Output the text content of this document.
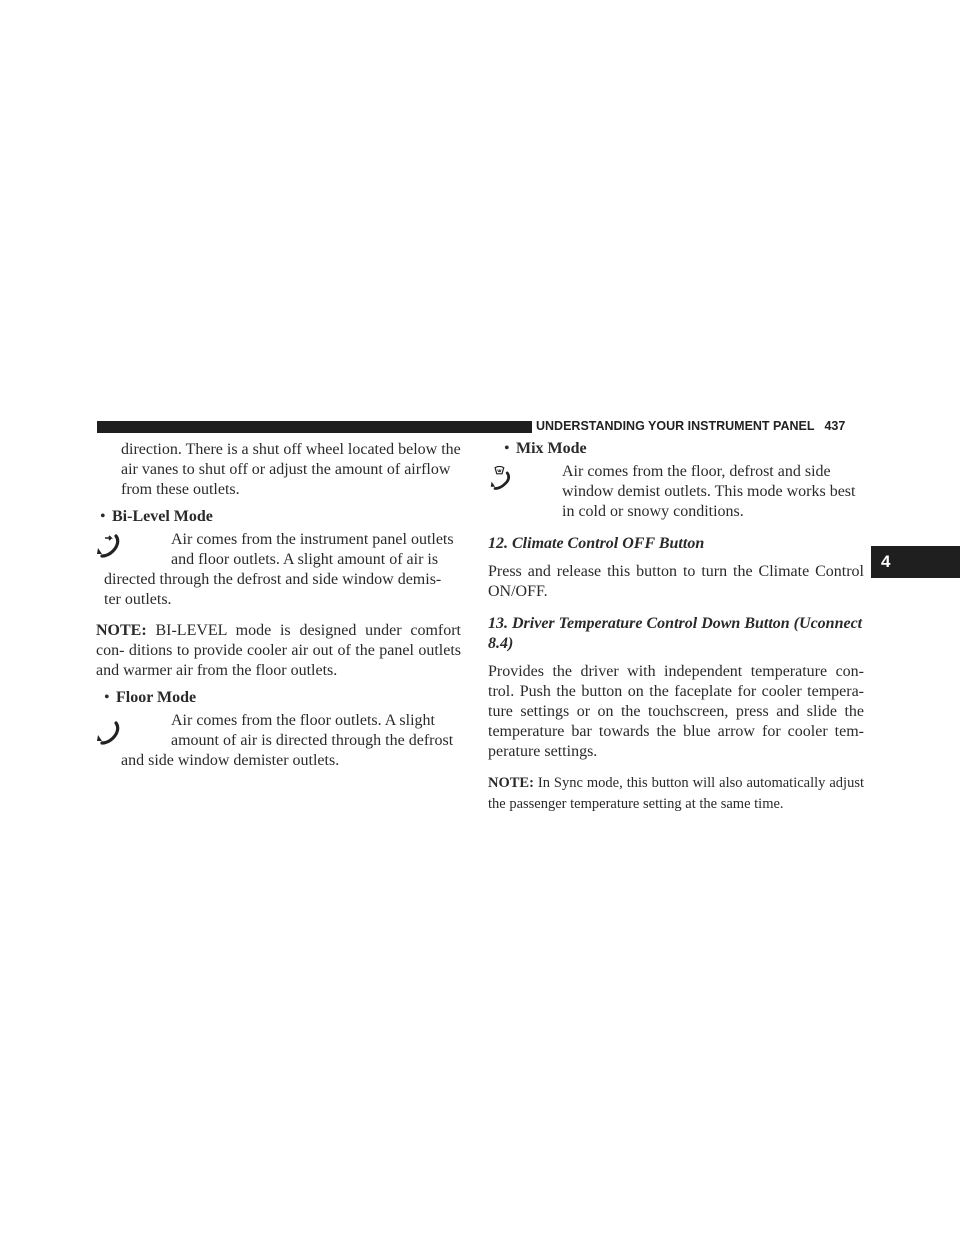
UNDERSTANDING YOUR INSTRUMENT PANEL 437
4

direction. There is a shut off wheel located below the

air vanes to shut off or adjust the amount of airflow

from these outlets.

• Bi-Level Mode

Air comes from the instrument panel outlets

and floor outlets. A slight amount of air is

directed through the defrost and side window demis-

ter outlets.

NOTE: BI-LEVEL mode is designed under comfort con- ditions to provide cooler air out of the panel outlets and warmer air from the floor outlets.

• Floor Mode

Air comes from the floor outlets. A slight

amount of air is directed through the defrost

and side window demister outlets.

• Mix Mode

Air comes from the floor, defrost and side

window demist outlets. This mode works best

in cold or snowy conditions.

12. Climate Control OFF Button

Press and release this button to turn the Climate Control ON/OFF.

13. Driver Temperature Control Down Button (Uconnect 8.4)

Provides the driver with independent temperature con- trol. Push the button on the faceplate for cooler tempera- ture settings or on the touchscreen, press and slide the temperature bar towards the blue arrow for cooler tem- perature settings.

NOTE: In Sync mode, this button will also automatically adjust the passenger temperature setting at the same time.
